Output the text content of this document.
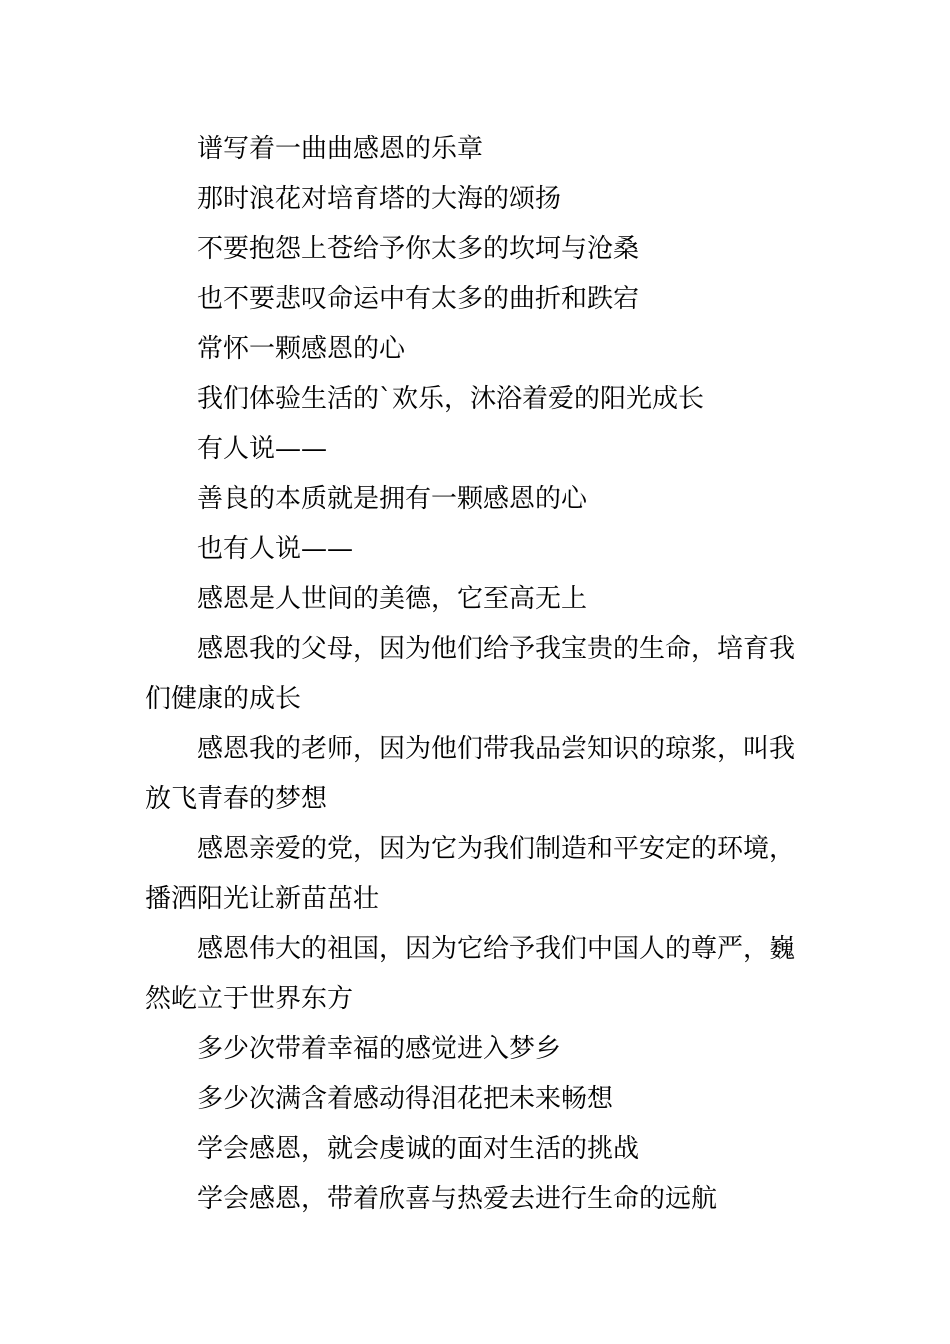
谱写着一曲曲感恩的乐章

那时浪花对培育塔的大海的颂扬

不要抱怨上苍给予你太多的坎坷与沧桑

也不要悲叹命运中有太多的曲折和跌宕

常怀一颗感恩的心

我们体验生活的`欢乐，沐浴着爱的阳光成长

有人说——

善良的本质就是拥有一颗感恩的心

也有人说——

感恩是人世间的美德，它至高无上

感恩我的父母，因为他们给予我宝贵的生命，培育我们健康的成长

感恩我的老师，因为他们带我品尝知识的琼浆，叫我放飞青春的梦想

感恩亲爱的党，因为它为我们制造和平安定的环境，播洒阳光让新苗茁壮

感恩伟大的祖国，因为它给予我们中国人的尊严，巍然屹立于世界东方

多少次带着幸福的感觉进入梦乡

多少次满含着感动得泪花把未来畅想

学会感恩，就会虔诚的面对生活的挑战

学会感恩，带着欣喜与热爱去进行生命的远航
